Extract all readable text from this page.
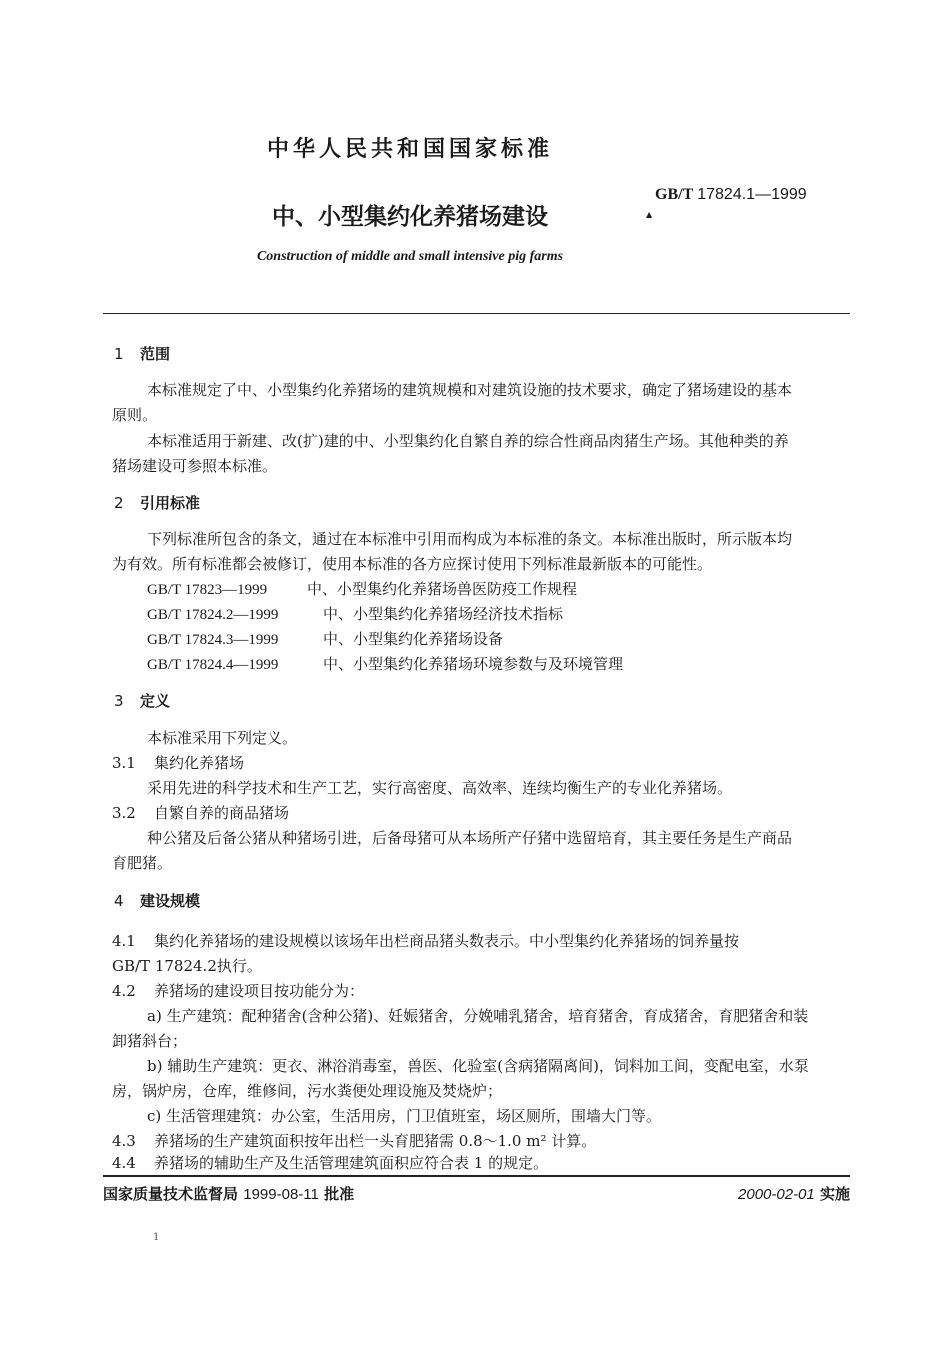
中华人民共和国国家标准
GB/T 17824.1—1999
▲
中、小型集约化养猪场建设
Construction of middle and small intensive pig farms
1 范围
本标准规定了中、小型集约化养猪场的建筑规模和对建筑设施的技术要求，确定了猪场建设的基本
原则。
本标准适用于新建、改(扩)建的中、小型集约化自繁自养的综合性商品肉猪生产场。其他种类的养
猪场建设可参照本标准。
2 引用标准
下列标准所包含的条文，通过在本标准中引用而构成为本标准的条文。本标准出版时，所示版本均
为有效。所有标准都会被修订，使用本标准的各方应探讨使用下列标准最新版本的可能性。
GB/T 17823—1999	中、小型集约化养猪场兽医防疫工作规程
GB/T 17824.2—1999	中、小型集约化养猪场经济技术指标
GB/T 17824.3—1999	中、小型集约化养猪场设备
GB/T 17824.4—1999	中、小型集约化养猪场环境参数与及环境管理
3 定义
本标准采用下列定义。
3.1 集约化养猪场
采用先进的科学技术和生产工艺，实行高密度、高效率、连续均衡生产的专业化养猪场。
3.2 自繁自养的商品猪场
种公猪及后备公猪从种猪场引进，后备母猪可从本场所产仔猪中选留培育，其主要任务是生产商品
育肥猪。
4 建设规模
4.1 集约化养猪场的建设规模以该场年出栏商品猪头数表示。中小型集约化养猪场的饲养量按
GB/T 17824.2执行。
4.2 养猪场的建设项目按功能分为：
a) 生产建筑：配种猪舍(含种公猪)、妊娠猪舍，分娩哺乳猪舍，培育猪舍，育成猪舍，育肥猪舍和装
卸猪斜台；
b) 辅助生产建筑：更衣、淋浴消毒室，兽医、化验室(含病猪隔离间)，饲料加工间，变配电室，水泵
房，锅炉房，仓库，维修间，污水粪便处理设施及焚烧炉；
c) 生活管理建筑：办公室，生活用房，门卫值班室，场区厕所，围墙大门等。
4.3 养猪场的生产建筑面积按年出栏一头育肥猪需 0.8～1.0 m² 计算。
4.4 养猪场的辅助生产及生活管理建筑面积应符合表 1 的规定。
国家质量技术监督局 1999-08-11 批准	2000-02-01 实施
1
